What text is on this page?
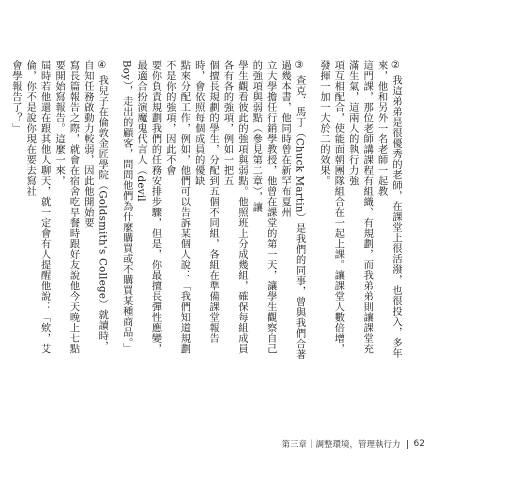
② 我這弟弟是很優秀的老師，在課堂上很活潑，也很投入，多年來，他和另外一名老師一起教
這門課，那位老師講課程有組織、有規劃，而我弟弟則讓課堂充滿生氣，這兩人的執行力強
項互相配合，使能面朝團隊組合在一起上課。讓課堂人數倍增，發揮一加一大於二的效果。
③ 查克．馬丁（Chuck Martin）是我們的同事，曾與我們合著過幾本書，他同時曾在新罕布夏州
立大學擔任行銷學教授，他曾在課堂的第一天，讓學生觀察自己的強項與弱點（參見第二章），讓
學生觀看彼此的強項與弱點。他照班上分成幾組，確保每組成員各有各的強項，例如一把五
個擅長規劃的學生，分配到五個不同組，各組在準備課堂報告時，會依照每個成員的優缺
點來分配工作，例如，他們可以告訴某個人說：「我們知道規劃不是你的強項，因此不會
要你負責規劃我們的任務安排步驟，但是，你最擅長彈性應變，最適合扮演魔鬼代言人（devil
Boy），走出的顧客，問問他們為什麼購買或不購買某種商品。」
④ 我兒子在倫敦金匠學院（Goldsmith's College）就讀時，自知任務啟動力較弱，因此他開始要
寫長篇報告之際，就會在宿舍吃早餐時跟好友說他今天晚上七點要開始寫報告。這麼一來，
屆時若他還在跟其他人聊天，就一定會有人提醒他說：「欸，艾倫，你不是說你現在要去寫社
會學報告了？」
第三章｜調整環境，管理執行力 62
